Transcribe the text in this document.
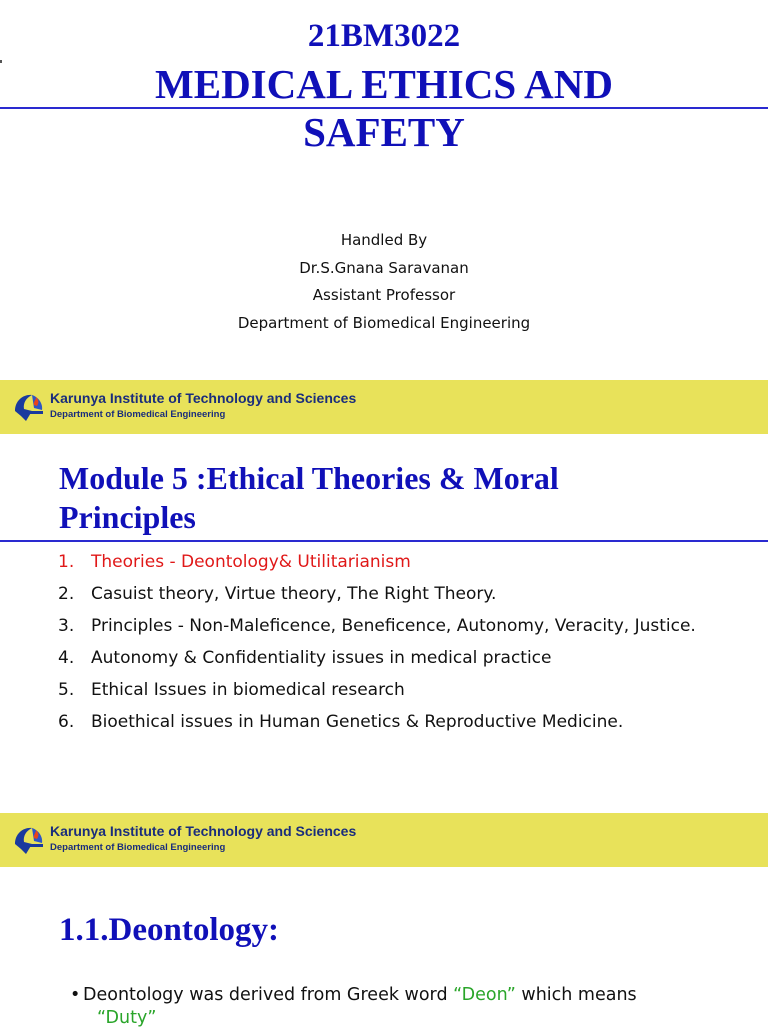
21BM3022
MEDICAL ETHICS AND
SAFETY
Handled By
Dr.S.Gnana Saravanan
Assistant Professor
Department of Biomedical Engineering
Karunya Institute of Technology and Sciences
Department of Biomedical Engineering
Module 5 :Ethical Theories & Moral
Principles
1. Theories - Deontology& Utilitarianism
2. Casuist theory, Virtue theory, The Right Theory.
3. Principles - Non-Maleficence, Beneficence, Autonomy, Veracity, Justice.
4. Autonomy & Confidentiality issues in medical practice
5. Ethical Issues in biomedical research
6. Bioethical issues in Human Genetics & Reproductive Medicine.
Karunya Institute of Technology and Sciences
Department of Biomedical Engineering
1.1.Deontology:
• Deontology was derived from Greek word “Deon” which means
“Duty”
